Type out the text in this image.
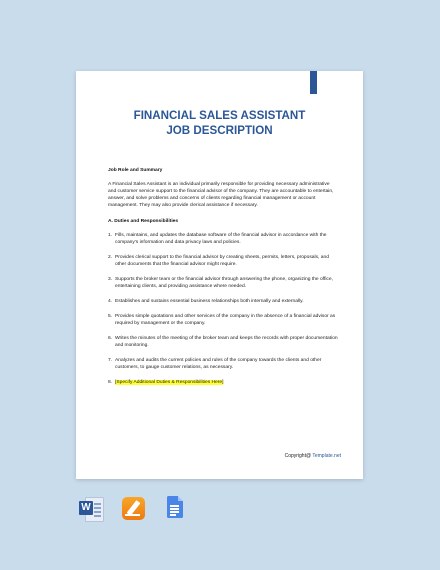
FINANCIAL SALES ASSISTANT
JOB DESCRIPTION
Job Role and Summary
A Financial Sales Assistant is an individual primarily responsible for providing necessary administrative and customer service support to the financial advisor of the company. They are accountable to entertain, answer, and solve problems and concerns of clients regarding financial management or account management. They may also provide clerical assistance if necessary.
A. Duties and Responsibilities
1. Fills, maintains, and updates the database software of the financial advisor in accordance with the company's information and data privacy laws and policies.
2. Provides clerical support to the financial advisor by creating sheets, permits, letters, proposals, and other documents that the financial advisor might require.
3. Supports the broker team or the financial advisor through answering the phone, organizing the office, entertaining clients, and providing assistance where needed.
4. Establishes and sustains essential business relationships both internally and externally.
5. Provides simple quotations and other services of the company in the absence of a financial advisor as required by management or the company.
6. Writes the minutes of the meeting of the broker team and keeps the records with proper documentation and monitoring.
7. Analyzes and audits the current policies and rules of the company towards the clients and other customers, to gauge customer relations, as necessary.
8. [Specify Additional Duties & Responsibilities Here]
Copyright@ Template.net
W
